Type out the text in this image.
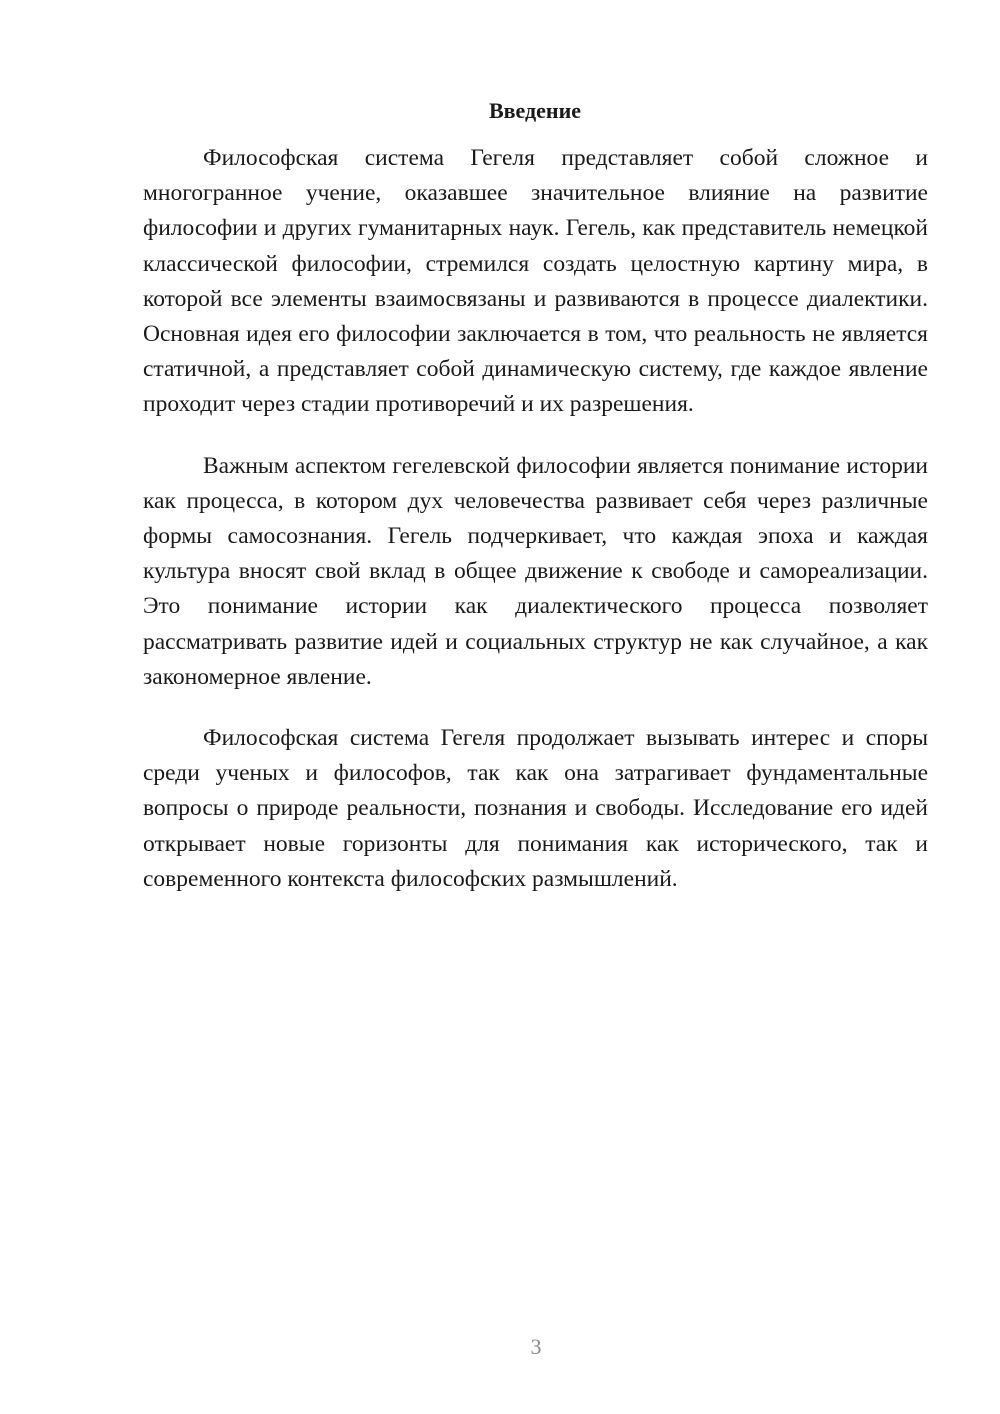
Введение

Философская система Гегеля представляет собой сложное и многогранное учение, оказавшее значительное влияние на развитие философии и других гуманитарных наук. Гегель, как представитель немецкой классической философии, стремился создать целостную картину мира, в которой все элементы взаимосвязаны и развиваются в процессе диалектики. Основная идея его философии заключается в том, что реальность не является статичной, а представляет собой динамическую систему, где каждое явление проходит через стадии противоречий и их разрешения.

Важным аспектом гегелевской философии является понимание истории как процесса, в котором дух человечества развивает себя через различные формы самосознания. Гегель подчеркивает, что каждая эпоха и каждая культура вносят свой вклад в общее движение к свободе и самореализации. Это понимание истории как диалектического процесса позволяет рассматривать развитие идей и социальных структур не как случайное, а как закономерное явление.

Философская система Гегеля продолжает вызывать интерес и споры среди ученых и философов, так как она затрагивает фундаментальные вопросы о природе реальности, познания и свободы. Исследование его идей открывает новые горизонты для понимания как исторического, так и современного контекста философских размышлений.

3
